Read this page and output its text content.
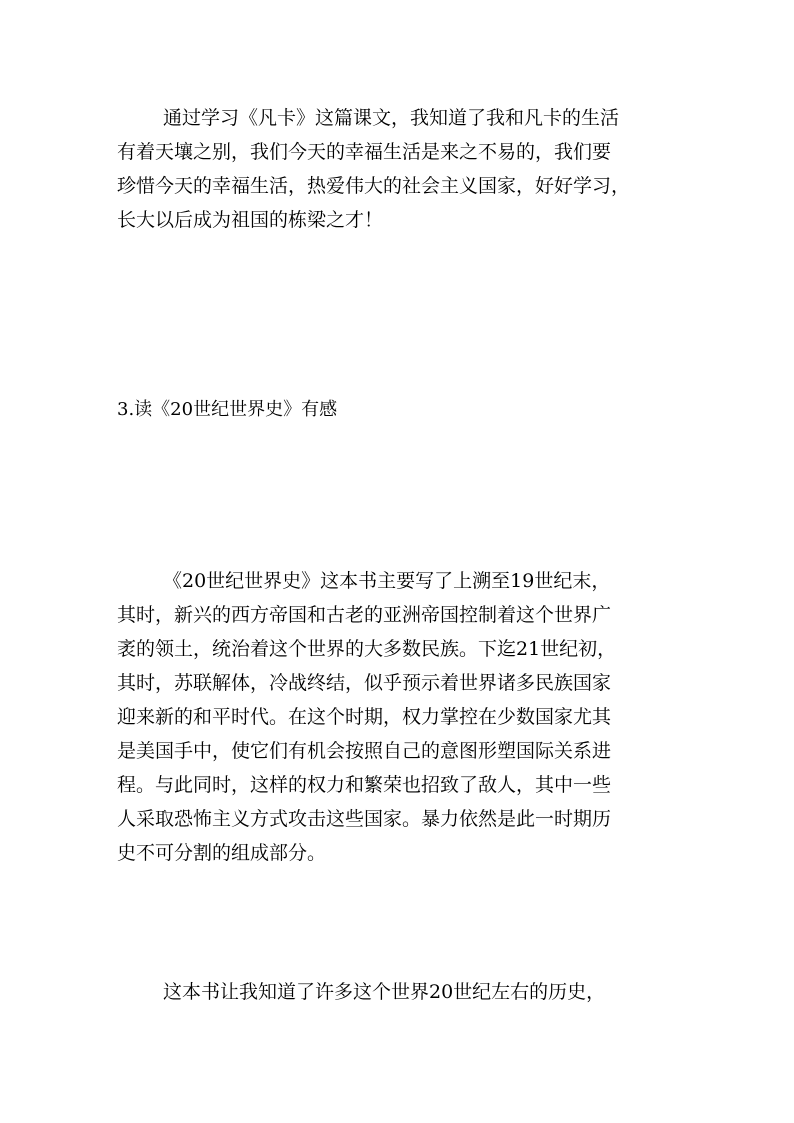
通过学习《凡卡》这篇课文，我知道了我和凡卡的生活
有着天壤之别，我们今天的幸福生活是来之不易的，我们要
珍惜今天的幸福生活，热爱伟大的社会主义国家，好好学习，
长大以后成为祖国的栋梁之才！
3.读《20世纪世界史》有感
《20世纪世界史》这本书主要写了上溯至19世纪末，
其时，新兴的西方帝国和古老的亚洲帝国控制着这个世界广
袤的领土，统治着这个世界的大多数民族。下迄21世纪初，
其时，苏联解体，冷战终结，似乎预示着世界诸多民族国家
迎来新的和平时代。在这个时期，权力掌控在少数国家尤其
是美国手中，使它们有机会按照自己的意图形塑国际关系进
程。与此同时，这样的权力和繁荣也招致了敌人，其中一些
人采取恐怖主义方式攻击这些国家。暴力依然是此一时期历
史不可分割的组成部分。
这本书让我知道了许多这个世界20世纪左右的历史，
